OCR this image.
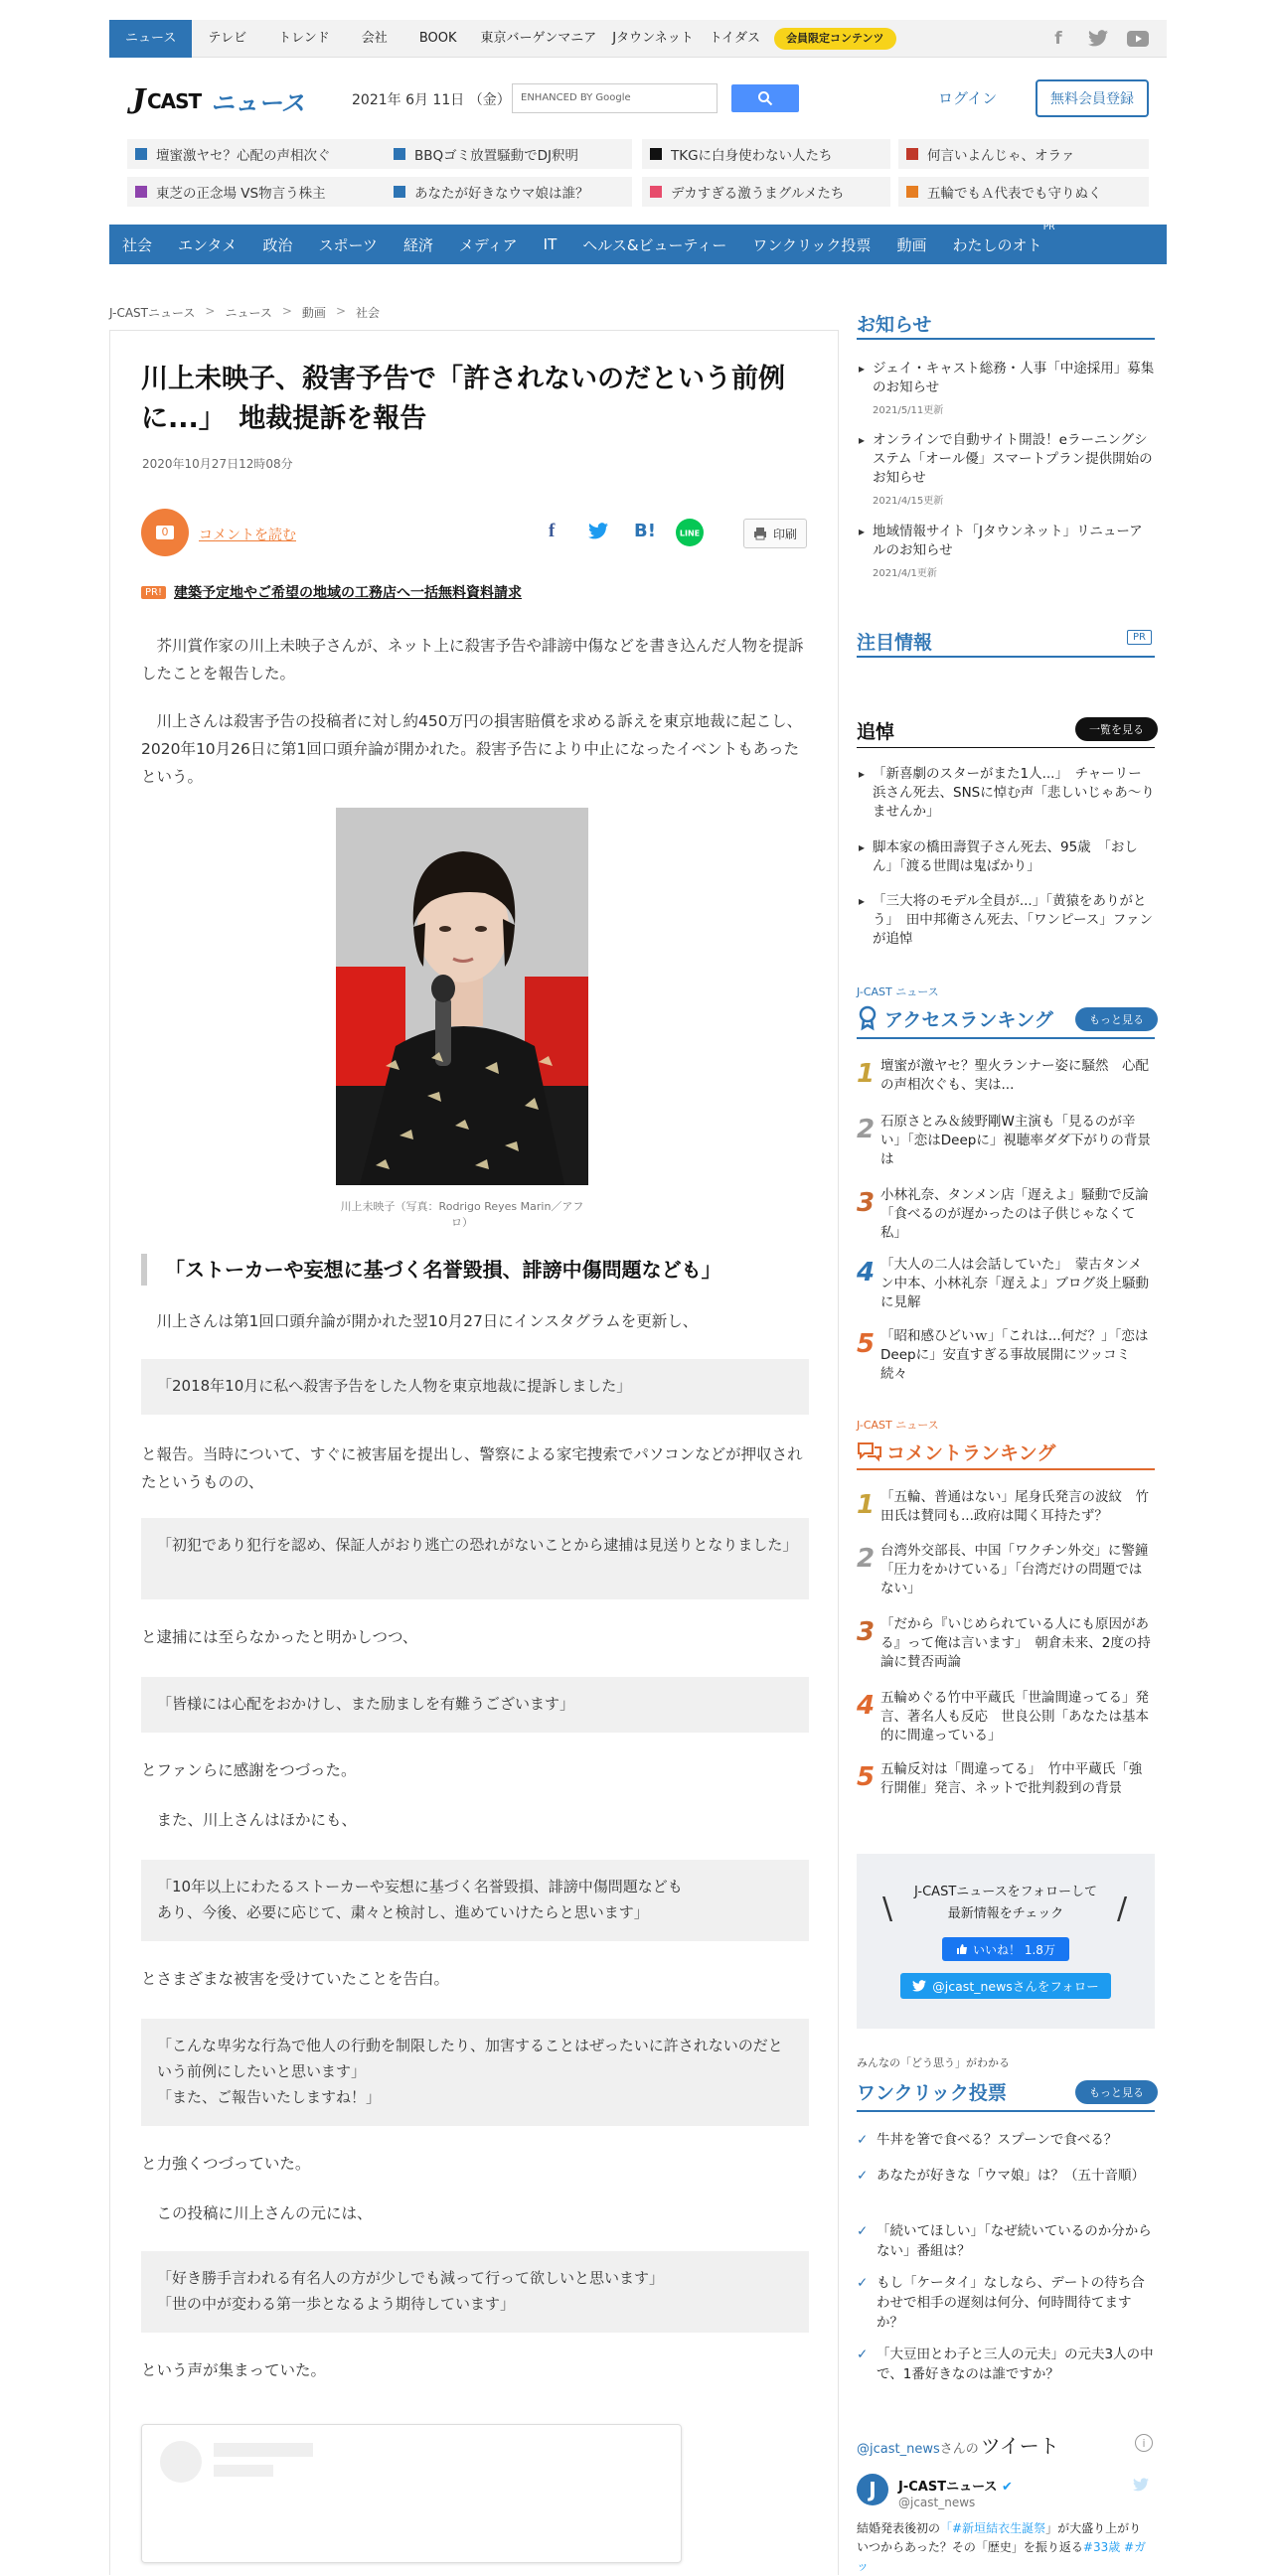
ニュース	テレビ	トレンド	会社	BOOK	東京バーゲンマニア	Jタウンネット	トイダス	会員限定コンテンツ	f
J CAST ニュース	2021年 6月 11日 （金）	ENHANCED BY Google	ログイン	無料会員登録
壇蜜激ヤセ？心配の声相次ぐ	BBQゴミ放置騒動でDJ釈明	TKGに白身使わない人たち	何言いよんじゃ、オラァ
東芝の正念場 VS物言う株主	あなたが好きなウマ娘は誰？	デカすぎる激うまグルメたち	五輪でもＡ代表でも守りぬく
社会	エンタメ	政治	スポーツ	経済	メディア	IT	ヘルス&ビューティー	ワンクリック投票	動画	わたしのオト
PR
J-CASTニュース > ニュース > 動画 > 社会
川上未映子、殺害予告で「許されないのだという前例に...」　地裁提訴を報告
2020年10月27日12時08分
0	コメントを読む	f	B!	LINE	印刷
PR! 建築予定地やご希望の地域の工務店へ一括無料資料請求

　芥川賞作家の川上未映子さんが、ネット上に殺害予告や誹謗中傷などを書き込んだ人物を提訴したことを報告した。

　川上さんは殺害予告の投稿者に対し約450万円の損害賠償を求める訴えを東京地裁に起こし、2020年10月26日に第1回口頭弁論が開かれた。殺害予告により中止になったイベントもあったという。

川上未映子（写真：Rodrigo Reyes Marin／アフロ）
「ストーカーや妄想に基づく名誉毀損、誹謗中傷問題なども」

　川上さんは第1回口頭弁論が開かれた翌10月27日にインスタグラムを更新し、

「2018年10月に私へ殺害予告をした人物を東京地裁に提訴しました」

と報告。当時について、すぐに被害届を提出し、警察による家宅捜索でパソコンなどが押収されたというものの、

「初犯であり犯行を認め、保証人がおり逃亡の恐れがないことから逮捕は見送りとなりました」

と逮捕には至らなかったと明かしつつ、

「皆様には心配をおかけし、また励ましを有難うございます」

とファンらに感謝をつづった。

　また、川上さんはほかにも、

「10年以上にわたるストーカーや妄想に基づく名誉毀損、誹謗中傷問題なども
あり、今後、必要に応じて、粛々と検討し、進めていけたらと思います」

とさまざまな被害を受けていたことを告白。

「こんな卑劣な行為で他人の行動を制限したり、加害することはぜったいに許されないのだという前例にしたいと思います」
「また、ご報告いたしますね！」

と力強くつづっていた。

　この投稿に川上さんの元には、

「好き勝手言われる有名人の方が少しでも減って行って欲しいと思います」
「世の中が変わる第一歩となるよう期待しています」

という声が集まっていた。

お知らせ
▸ ジェイ・キャスト総務・人事「中途採用」募集のお知らせ
2021/5/11更新
▸ オンラインで自動サイト開設！eラーニングシステム「オール優」スマートプラン提供開始のお知らせ
2021/4/15更新
▸ 地域情報サイト「Jタウンネット」リニューアルのお知らせ
2021/4/1更新
注目情報	PR
追悼	一覧を見る
▸ 「新喜劇のスターがまた1人...」　チャーリー浜さん死去、SNSに悼む声「悲しいじゃあ～りませんか」
▸ 脚本家の橋田壽賀子さん死去、95歳　「おしん」「渡る世間は鬼ばかり」
▸ 「三大将のモデル全員が...」「黄猿をありがとう」　田中邦衛さん死去、「ワンピース」ファンが追悼
J-CAST ニュース
アクセスランキング	もっと見る
1 壇蜜が激ヤセ？聖火ランナー姿に騒然　心配の声相次ぐも、実は...
2 石原さとみ＆綾野剛W主演も「見るのが辛い」「恋はDeepに」視聴率ダダ下がりの背景は
3 小林礼奈、タンメン店「遅えよ」騒動で反論　「食べるのが遅かったのは子供じゃなくて私」
4 「大人の二人は会話していた」　蒙古タンメン中本、小林礼奈「遅えよ」ブログ炎上騒動に見解
5 「昭和感ひどいｗ」「これは...何だ？」「恋はDeepに」安直すぎる事故展開にツッコミ続々
J-CAST ニュース
コメントランキング
1 「五輪、普通はない」尾身氏発言の波紋　竹田氏は賛同も...政府は聞く耳持たず？
2 台湾外交部長、中国「ワクチン外交」に警鐘　「圧力をかけている」「台湾だけの問題ではない」
3 「だから『いじめられている人にも原因がある』って俺は言います」　朝倉未来、2度の持論に賛否両論
4 五輪めぐる竹中平蔵氏「世論間違ってる」発言、著名人も反応　世良公則「あなたは基本的に間違っている」
5 五輪反対は「間違ってる」　竹中平蔵氏「強行開催」発言、ネットで批判殺到の背景
\	/
J-CASTニュースをフォローして
最新情報をチェック
いいね！ 1.8万
@jcast_newsさんをフォロー
みんなの「どう思う」がわかる
ワンクリック投票	もっと見る
✓ 牛丼を箸で食べる？スプーンで食べる？
✓ あなたが好きな「ウマ娘」は？（五十音順）
✓ 「続いてほしい」「なぜ続いているのか分からない」番組は？
✓ もし「ケータイ」なしなら、デートの待ち合わせで相手の遅刻は何分、何時間待てますか？
✓ 「大豆田とわ子と三人の元夫」の元夫3人の中で、1番好きなのは誰ですか？
@jcast_newsさんの ツイート	i
J	J-CASTニュース ✔
@jcast_news
結婚発表後初の「#新垣結衣生誕祭」が大盛り上がり
いつからあった？その「歴史」を振り返る#33歳 #ガッ
